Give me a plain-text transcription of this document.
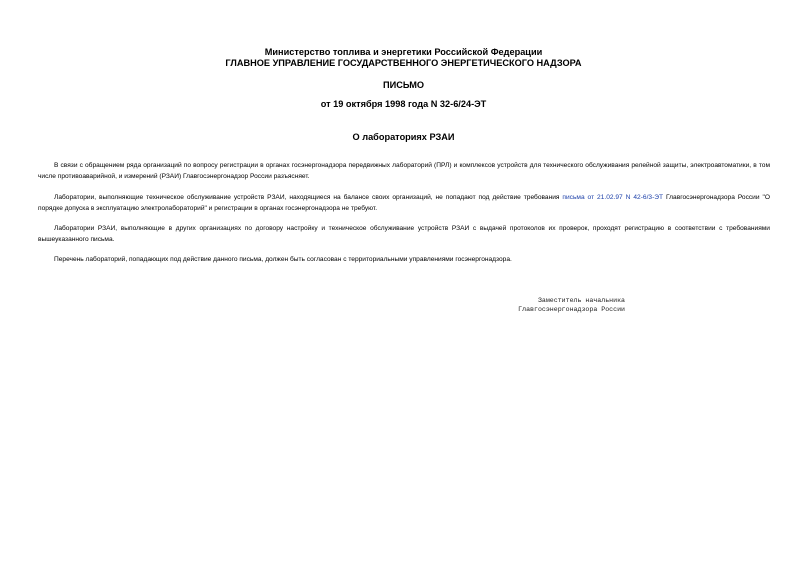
Министерство топлива и энергетики Российской Федерации

ГЛАВНОЕ УПРАВЛЕНИЕ ГОСУДАРСТВЕННОГО ЭНЕРГЕТИЧЕСКОГО НАДЗОРА

ПИСЬМО
от 19 октября 1998 года N 32-6/24-ЭТ
О лабораториях РЗАИ

В связи с обращением ряда организаций по вопросу регистрации в органах госэнергонадзора передвижных лабораторий (ПРЛ) и комплексов устройств для технического обслуживания релейной защиты, электроавтоматики, в том числе противоаварийной, и измерений (РЗАИ) Главгосэнергонадзор России разъясняет.

Лаборатории, выполняющие техническое обслуживание устройств РЗАИ, находящиеся на балансе своих организаций, не попадают под действие требования письма от 21.02.97 N 42-6/3-ЭТ Главгосэнергонадзора России "О порядке допуска в эксплуатацию электролабораторий" и регистрации в органах госэнергонадзора не требуют.

Лаборатории РЗАИ, выполняющие в других организациях по договору настройку и техническое обслуживание устройств РЗАИ с выдачей протоколов их проверок, проходят регистрацию в соответствии с требованиями вышеуказанного письма.

Перечень лабораторий, попадающих под действие данного письма, должен быть согласован с территориальными управлениями госэнергонадзора.

Заместитель начальника
Главгосэнергонадзора России
